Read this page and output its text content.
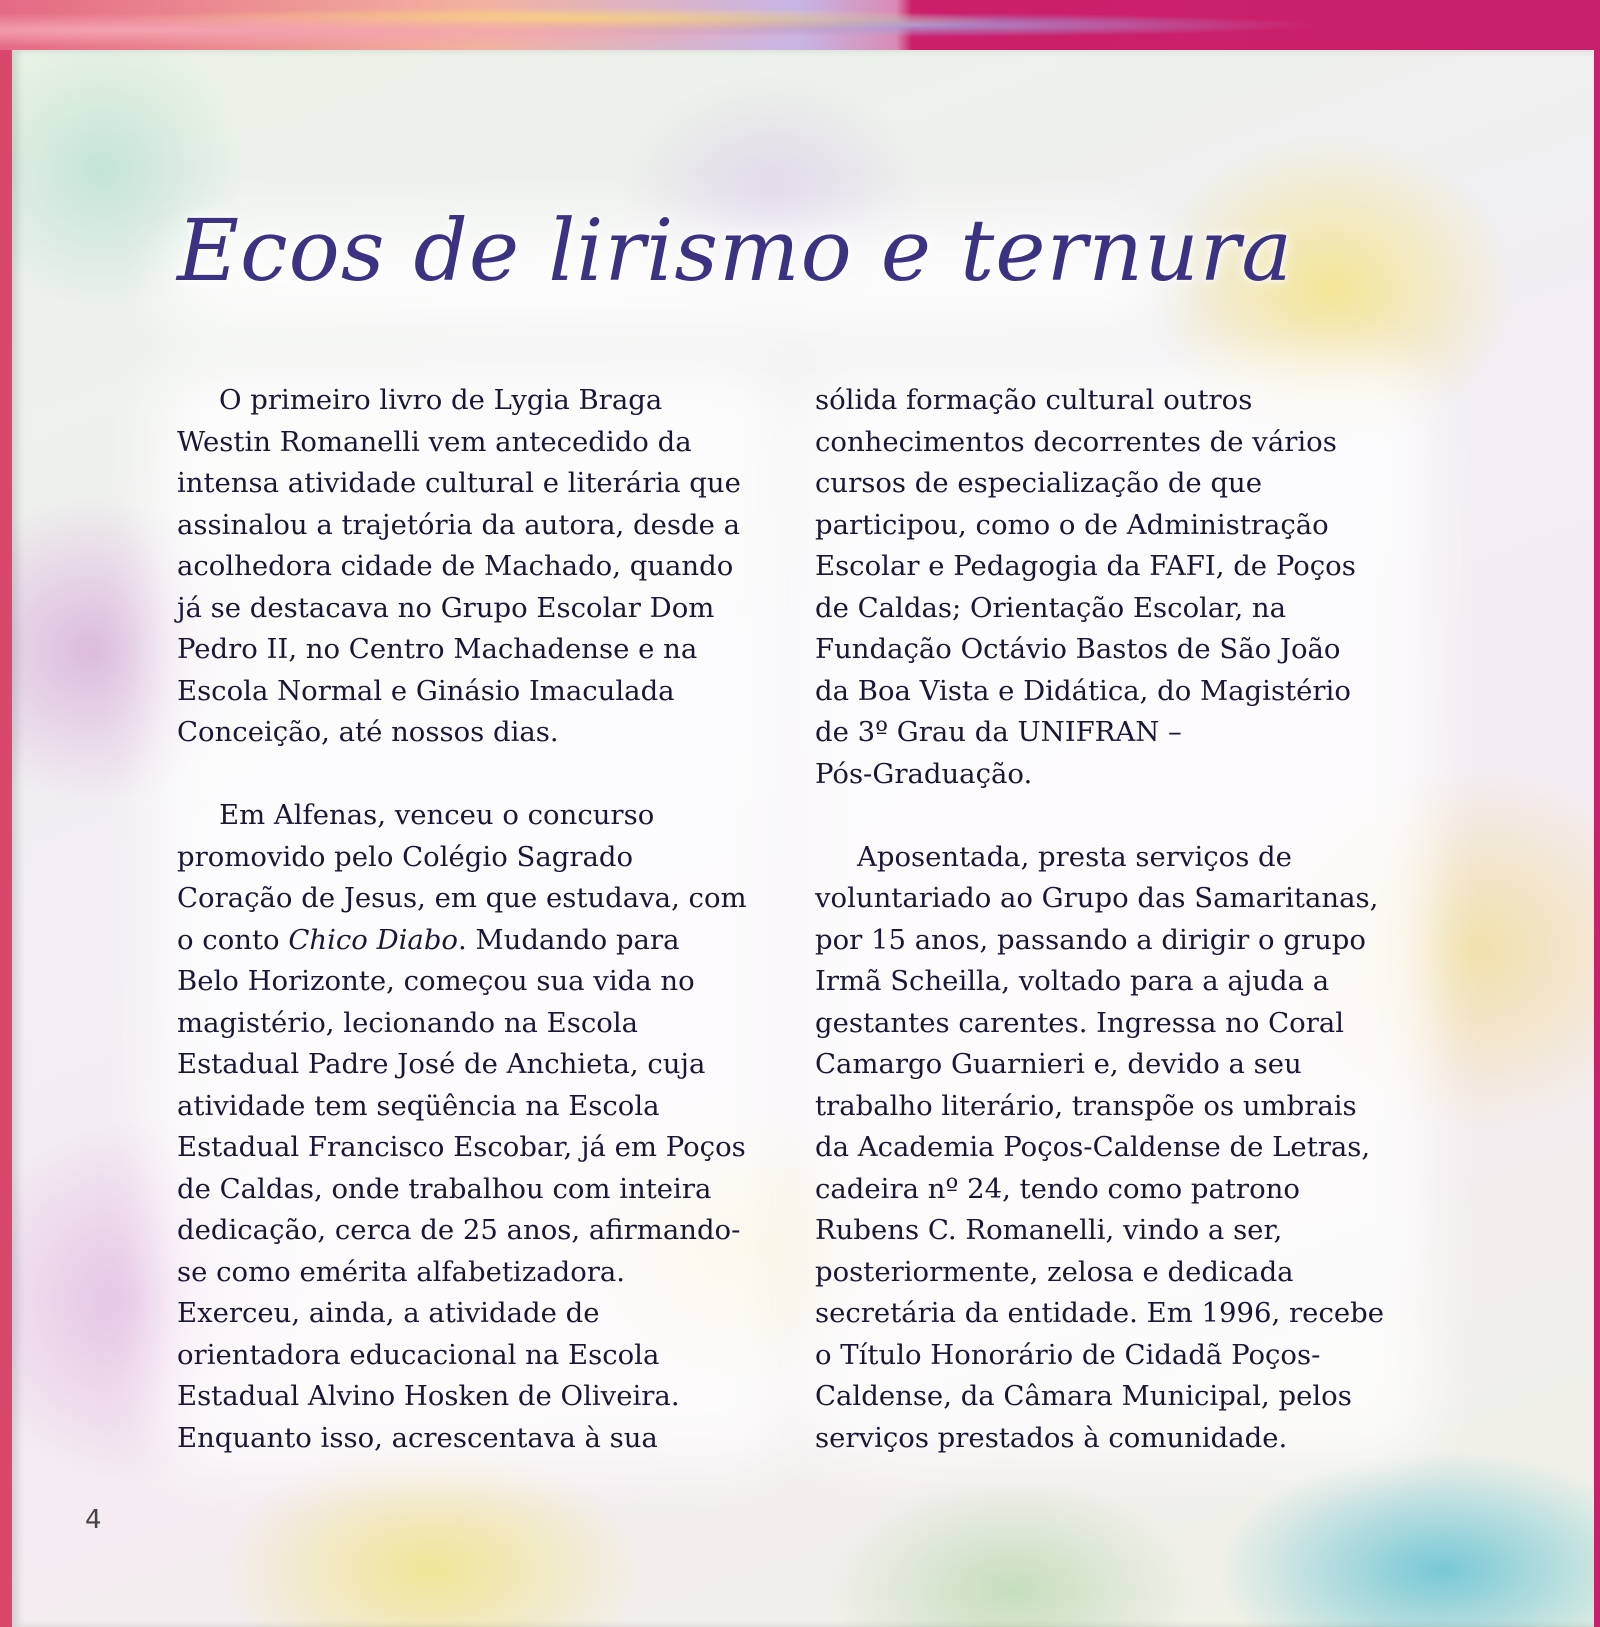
Ecos de lirismo e ternura
O primeiro livro de Lygia Braga
Westin Romanelli vem antecedido da
intensa atividade cultural e literária que
assinalou a trajetória da autora, desde a
acolhedora cidade de Machado, quando
já se destacava no Grupo Escolar Dom
Pedro II, no Centro Machadense e na
Escola Normal e Ginásio Imaculada
Conceição, até nossos dias.
Em Alfenas, venceu o concurso
promovido pelo Colégio Sagrado
Coração de Jesus, em que estudava, com
o conto Chico Diabo. Mudando para
Belo Horizonte, começou sua vida no
magistério, lecionando na Escola
Estadual Padre José de Anchieta, cuja
atividade tem seqüência na Escola
Estadual Francisco Escobar, já em Poços
de Caldas, onde trabalhou com inteira
dedicação, cerca de 25 anos, afirmando-
se como emérita alfabetizadora.
Exerceu, ainda, a atividade de
orientadora educacional na Escola
Estadual Alvino Hosken de Oliveira.
Enquanto isso, acrescentava à sua
sólida formação cultural outros
conhecimentos decorrentes de vários
cursos de especialização de que
participou, como o de Administração
Escolar e Pedagogia da FAFI, de Poços
de Caldas; Orientação Escolar, na
Fundação Octávio Bastos de São João
da Boa Vista e Didática, do Magistério
de 3º Grau da UNIFRAN –
Pós-Graduação.
Aposentada, presta serviços de
voluntariado ao Grupo das Samaritanas,
por 15 anos, passando a dirigir o grupo
Irmã Scheilla, voltado para a ajuda a
gestantes carentes. Ingressa no Coral
Camargo Guarnieri e, devido a seu
trabalho literário, transpõe os umbrais
da Academia Poços-Caldense de Letras,
cadeira nº 24, tendo como patrono
Rubens C. Romanelli, vindo a ser,
posteriormente, zelosa e dedicada
secretária da entidade. Em 1996, recebe
o Título Honorário de Cidadã Poços-
Caldense, da Câmara Municipal, pelos
serviços prestados à comunidade.
4
